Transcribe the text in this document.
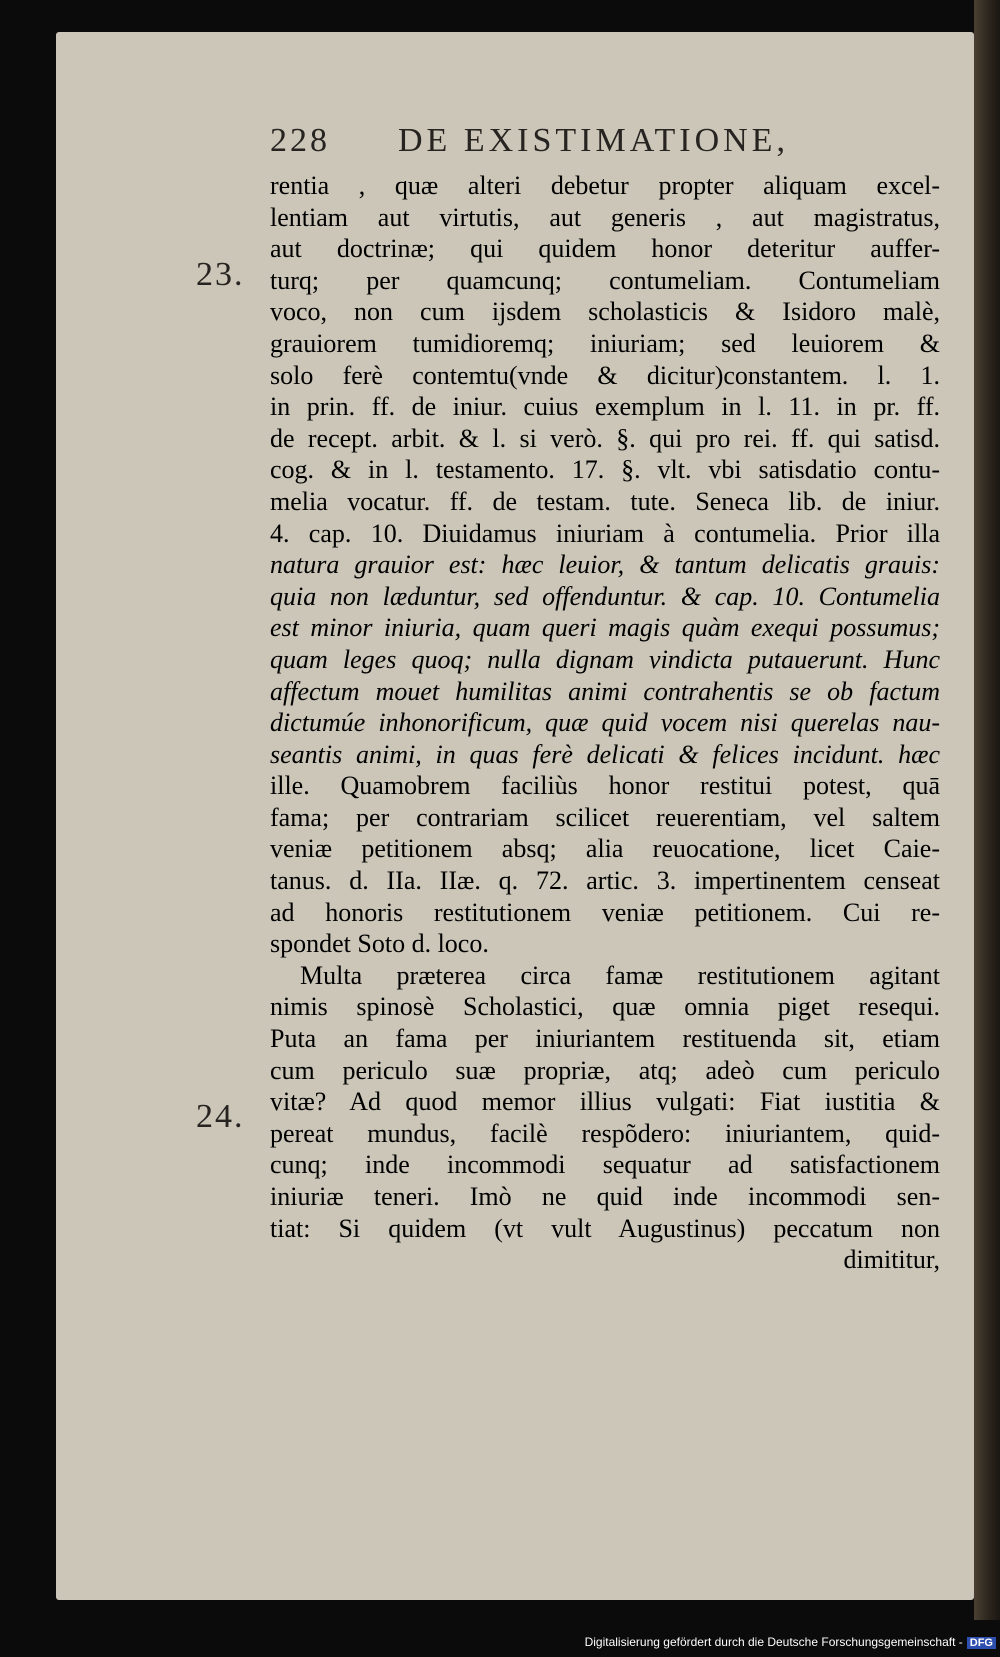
228 DE EXISTIMATIONE,
23.
24.
rentia , quæ alteri debetur propter aliquam excel-
lentiam aut virtutis, aut generis , aut magistratus,
aut doctrinæ; qui quidem honor deteritur auffer-
turq; per quamcunq; contumeliam. Contumeliam
voco, non cum ijsdem scholasticis & Isidoro malè,
grauiorem tumidioremq; iniuriam; sed leuiorem &
solo ferè contemtu(vnde & dicitur)constantem. l. 1.
in prin. ff. de iniur. cuius exemplum in l. 11. in pr. ff.
de recept. arbit. & l. si verò. §. qui pro rei. ff. qui satisd.
cog. & in l. testamento. 17. §. vlt. vbi satisdatio contu-
melia vocatur. ff. de testam. tute. Seneca lib. de iniur.
4. cap. 10. Diuidamus iniuriam à contumelia. Prior illa
natura grauior est: hæc leuior, & tantum delicatis grauis:
quia non læduntur, sed offenduntur. & cap. 10. Contumelia
est minor iniuria, quam queri magis quàm exequi possumus;
quam leges quoq; nulla dignam vindicta putauerunt. Hunc
affectum mouet humilitas animi contrahentis se ob factum
dictumúe inhonorificum, quæ quid vocem nisi querelas nau-
seantis animi, in quas ferè delicati & felices incidunt. hæc
ille. Quamobrem faciliùs honor restitui potest, quā
fama; per contrariam scilicet reuerentiam, vel saltem
veniæ petitionem absq; alia reuocatione, licet Caie-
tanus. d. IIa. IIæ. q. 72. artic. 3. impertinentem censeat
ad honoris restitutionem veniæ petitionem. Cui re-
spondet Soto d. loco.
Multa præterea circa famæ restitutionem agitant
nimis spinosè Scholastici, quæ omnia piget resequi.
Puta an fama per iniuriantem restituenda sit, etiam
cum periculo suæ propriæ, atq; adeò cum periculo
vitæ? Ad quod memor illius vulgati: Fiat iustitia &
pereat mundus, facilè respõdero: iniuriantem, quid-
cunq; inde incommodi sequatur ad satisfactionem
iniuriæ teneri. Imò ne quid inde incommodi sen-
tiat: Si quidem (vt vult Augustinus) peccatum non
dimititur,
Digitalisierung gefördert durch die Deutsche Forschungsgemeinschaft - DFG
